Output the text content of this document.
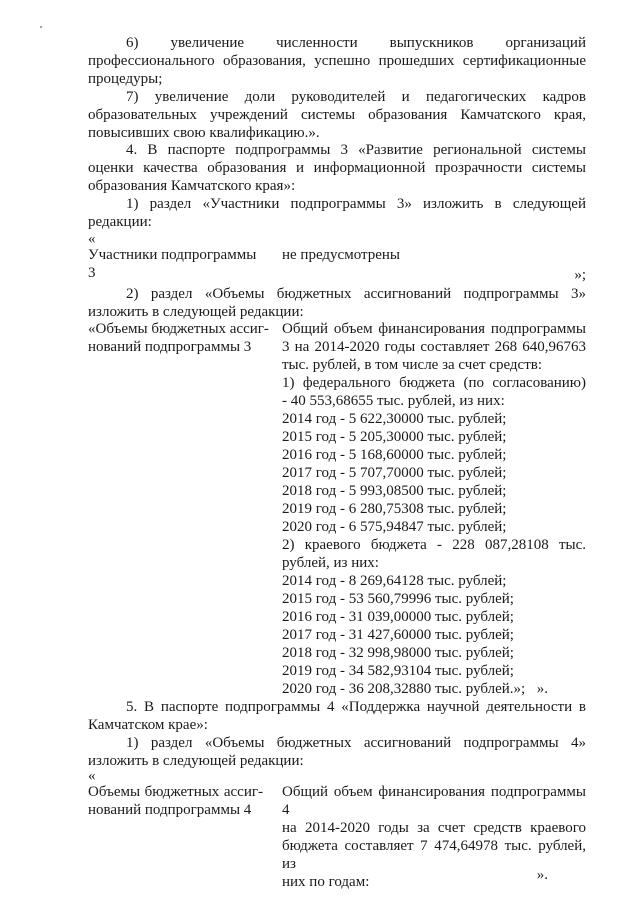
6) увеличение численности выпускников организаций профессионального образования, успешно прошедших сертификационные процедуры;

7) увеличение доли руководителей и педагогических кадров образовательных учреждений системы образования Камчатского края, повысивших свою квалификацию.».

4. В паспорте подпрограммы 3 «Развитие региональной системы оценки качества образования и информационной прозрачности системы образования Камчатского края»:

1) раздел «Участники подпрограммы 3» изложить в следующей редакции:

«
Участники подпрограммы 3
не предусмотрены
»;

2) раздел «Объемы бюджетных ассигнований подпрограммы 3» изложить в следующей редакции:

«Объемы бюджетных ассиг-
нований подпрограммы 3
Общий объем финансирования подпрограммы
3 на 2014-2020 годы составляет 268 640,96763
тыс. рублей, в том числе за счет средств:
1) федерального бюджета (по согласованию)
- 40 553,68655 тыс. рублей, из них:
2014 год - 5 622,30000 тыс. рублей;
2015 год - 5 205,30000 тыс. рублей;
2016 год - 5 168,60000 тыс. рублей;
2017 год - 5 707,70000 тыс. рублей;
2018 год - 5 993,08500 тыс. рублей;
2019 год - 6 280,75308 тыс. рублей;
2020 год - 6 575,94847 тыс. рублей;
2) краевого бюджета - 228 087,28108 тыс.
рублей, из них:
2014 год - 8 269,64128 тыс. рублей;
2015 год - 53 560,79996 тыс. рублей;
2016 год - 31 039,00000 тыс. рублей;
2017 год - 31 427,60000 тыс. рублей;
2018 год - 32 998,98000 тыс. рублей;
2019 год - 34 582,93104 тыс. рублей;
2020 год - 36 208,32880 тыс. рублей.»; ».

5. В паспорте подпрограммы 4 «Поддержка научной деятельности в Камчатском крае»:

1) раздел «Объемы бюджетных ассигнований подпрограммы 4» изложить в следующей редакции:

«
Объемы бюджетных ассиг-
нований подпрограммы 4
Общий объем финансирования подпрограммы 4
на 2014-2020 годы за счет средств краевого
бюджета составляет 7 474,64978 тыс. рублей, из
них по годам:	».
